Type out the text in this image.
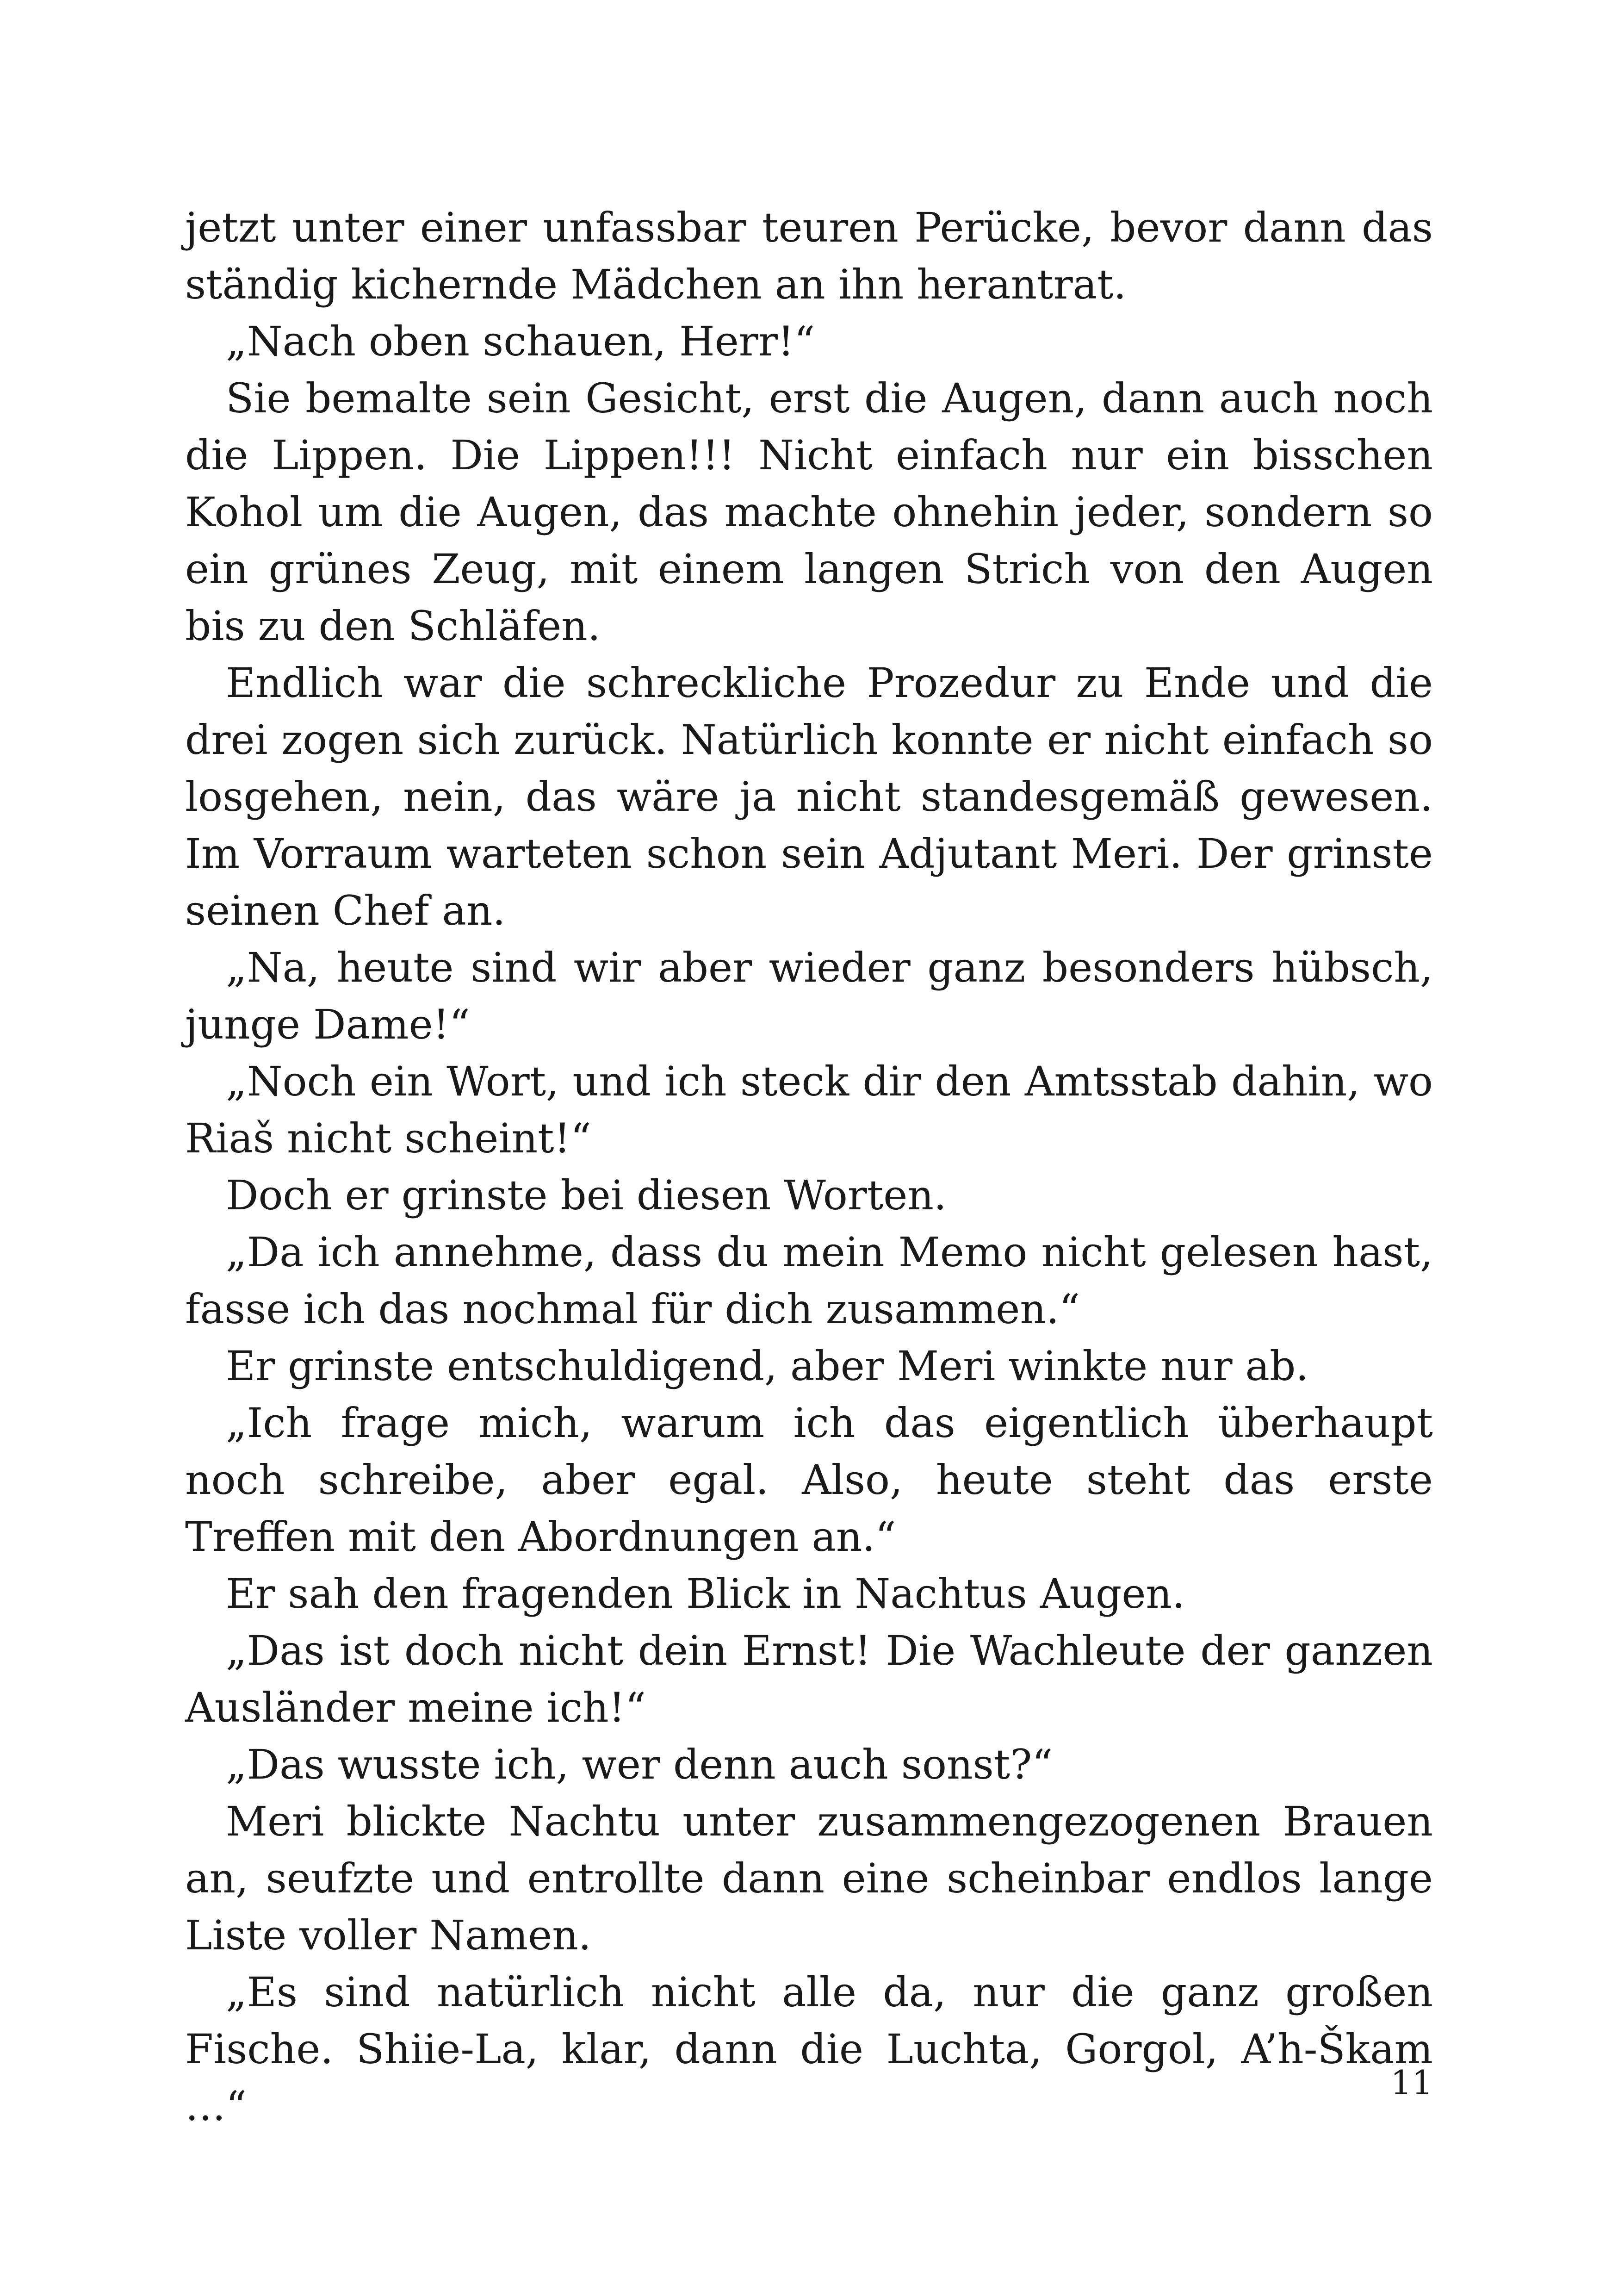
jetzt unter einer unfassbar teuren Perücke, bevor dann das ständig kichernde Mädchen an ihn herantrat.

„Nach oben schauen, Herr!“

Sie bemalte sein Gesicht, erst die Augen, dann auch noch die Lippen. Die Lippen!!! Nicht einfach nur ein bisschen Kohol um die Augen, das machte ohnehin jeder, sondern so ein grünes Zeug, mit einem langen Strich von den Augen bis zu den Schläfen.

Endlich war die schreckliche Prozedur zu Ende und die drei zogen sich zurück. Natürlich konnte er nicht einfach so losgehen, nein, das wäre ja nicht standesgemäß gewesen. Im Vorraum warteten schon sein Adjutant Meri. Der grinste seinen Chef an.

„Na, heute sind wir aber wieder ganz besonders hübsch, junge Dame!“

„Noch ein Wort, und ich steck dir den Amtsstab dahin, wo Riaš nicht scheint!“

Doch er grinste bei diesen Worten.

„Da ich annehme, dass du mein Memo nicht gelesen hast, fasse ich das nochmal für dich zusammen.“

Er grinste entschuldigend, aber Meri winkte nur ab.

„Ich frage mich, warum ich das eigentlich überhaupt noch schreibe, aber egal. Also, heute steht das erste Treffen mit den Abordnungen an.“

Er sah den fragenden Blick in Nachtus Augen.

„Das ist doch nicht dein Ernst! Die Wachleute der ganzen Ausländer meine ich!“

„Das wusste ich, wer denn auch sonst?“

Meri blickte Nachtu unter zusammengezogenen Brauen an, seufzte und entrollte dann eine scheinbar endlos lange Liste voller Namen.

„Es sind natürlich nicht alle da, nur die ganz großen Fische. Shiie-La, klar, dann die Luchta, Gorgol, A’h-Škam …“	11
